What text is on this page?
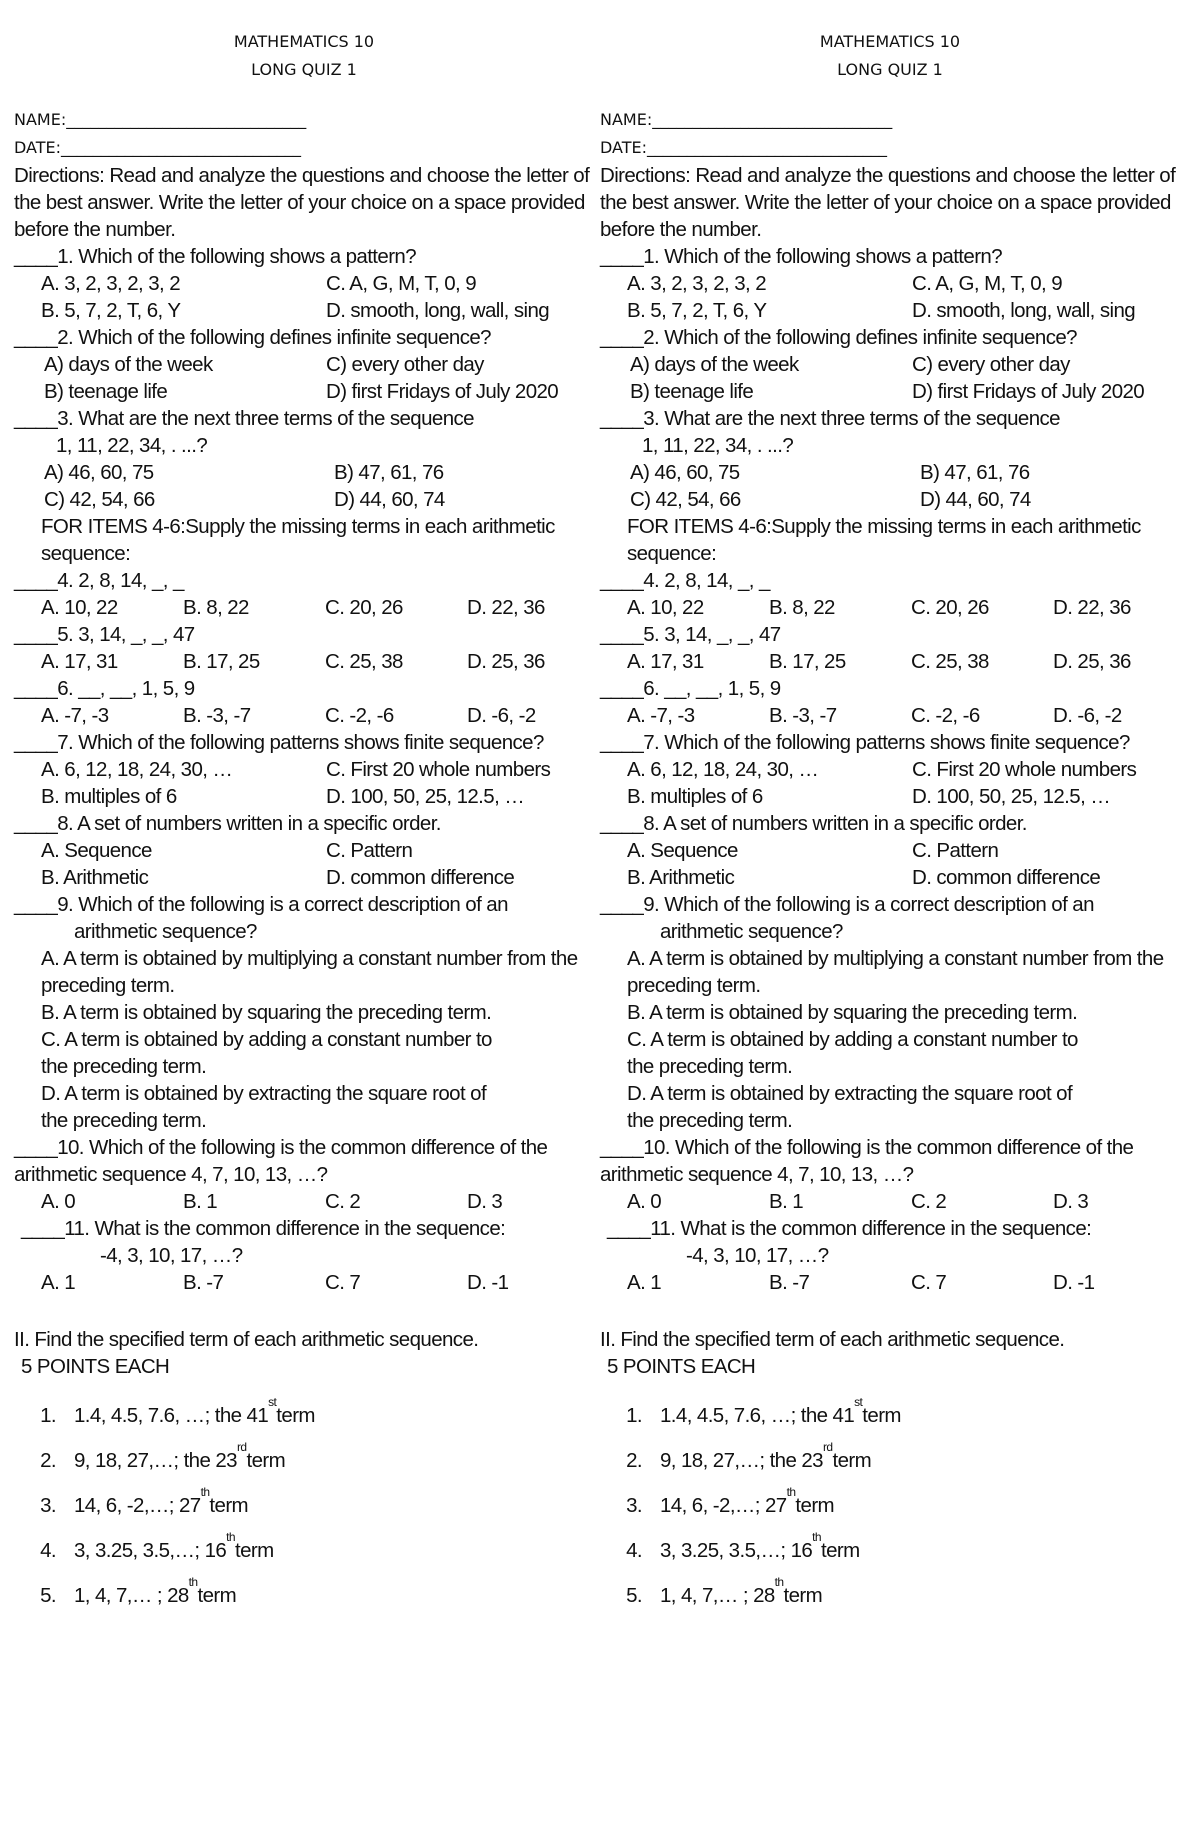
MATHEMATICS 10
LONG QUIZ 1
NAME:______________________________
DATE:______________________________
Directions: Read and analyze the questions and choose the letter of the best answer. Write the letter of your choice on a space provided before the number.
____1. Which of the following shows a pattern?
A. 3, 2, 3, 2, 3, 2	C. A, G, M, T, 0, 9
B. 5, 7, 2, T, 6, Y	D. smooth, long, wall, sing
____2. Which of the following defines infinite sequence?
A) days of the week	C) every other day
B) teenage life	D) first Fridays of July 2020
____3. What are the next three terms of the sequence
1, 11, 22, 34, . ...?
A) 46, 60, 75	B) 47, 61, 76
C) 42, 54, 66	D) 44, 60, 74
FOR ITEMS 4-6:Supply the missing terms in each arithmetic sequence:
____4. 2, 8, 14, _, _
A. 10, 22	B. 8, 22	C. 20, 26	D. 22, 36
____5. 3, 14, _, _, 47
A. 17, 31	B. 17, 25	C. 25, 38	D. 25, 36
____6. __, __, 1, 5, 9
A. -7, -3	B. -3, -7	C. -2, -6	D. -6, -2
____7. Which of the following patterns shows finite sequence?
A. 6, 12, 18, 24, 30, …	C. First 20 whole numbers
B. multiples of 6	D. 100, 50, 25, 12.5, …
____8. A set of numbers written in a specific order.
A. Sequence	C. Pattern
B. Arithmetic	D. common difference
____9. Which of the following is a correct description of an
arithmetic sequence?
A. A term is obtained by multiplying a constant number from the preceding term.
B. A term is obtained by squaring the preceding term.
C. A term is obtained by adding a constant number to the preceding term.
D. A term is obtained by extracting the square root of the preceding term.
____10. Which of the following is the common difference of the arithmetic sequence 4, 7, 10, 13, …?
A. 0	B. 1	C. 2	D. 3
____11. What is the common difference in the sequence:
-4, 3, 10, 17, …?
A. 1	B. -7	C. 7	D. -1
II. Find the specified term of each arithmetic sequence.
5 POINTS EACH
1. 1.4, 4.5, 7.6, …; the 41
st
term
2. 9, 18, 27,…; the 23
rd
term
3. 14, 6, -2,…; 27
th
term
4. 3, 3.25, 3.5,…; 16
th
term
5. 1, 4, 7,… ; 28
th
term
MATHEMATICS 10
LONG QUIZ 1
NAME:______________________________
DATE:______________________________
Directions: Read and analyze the questions and choose the letter of the best answer. Write the letter of your choice on a space provided before the number.
____1. Which of the following shows a pattern?
A. 3, 2, 3, 2, 3, 2	C. A, G, M, T, 0, 9
B. 5, 7, 2, T, 6, Y	D. smooth, long, wall, sing
____2. Which of the following defines infinite sequence?
A) days of the week	C) every other day
B) teenage life	D) first Fridays of July 2020
____3. What are the next three terms of the sequence
1, 11, 22, 34, . ...?
A) 46, 60, 75	B) 47, 61, 76
C) 42, 54, 66	D) 44, 60, 74
FOR ITEMS 4-6:Supply the missing terms in each arithmetic sequence:
____4. 2, 8, 14, _, _
A. 10, 22	B. 8, 22	C. 20, 26	D. 22, 36
____5. 3, 14, _, _, 47
A. 17, 31	B. 17, 25	C. 25, 38	D. 25, 36
____6. __, __, 1, 5, 9
A. -7, -3	B. -3, -7	C. -2, -6	D. -6, -2
____7. Which of the following patterns shows finite sequence?
A. 6, 12, 18, 24, 30, …	C. First 20 whole numbers
B. multiples of 6	D. 100, 50, 25, 12.5, …
____8. A set of numbers written in a specific order.
A. Sequence	C. Pattern
B. Arithmetic	D. common difference
____9. Which of the following is a correct description of an
arithmetic sequence?
A. A term is obtained by multiplying a constant number from the preceding term.
B. A term is obtained by squaring the preceding term.
C. A term is obtained by adding a constant number to the preceding term.
D. A term is obtained by extracting the square root of the preceding term.
____10. Which of the following is the common difference of the arithmetic sequence 4, 7, 10, 13, …?
A. 0	B. 1	C. 2	D. 3
____11. What is the common difference in the sequence:
-4, 3, 10, 17, …?
A. 1	B. -7	C. 7	D. -1
II. Find the specified term of each arithmetic sequence.
5 POINTS EACH
1. 1.4, 4.5, 7.6, …; the 41
st
term
2. 9, 18, 27,…; the 23
rd
term
3. 14, 6, -2,…; 27
th
term
4. 3, 3.25, 3.5,…; 16
th
term
5. 1, 4, 7,… ; 28
th
term
